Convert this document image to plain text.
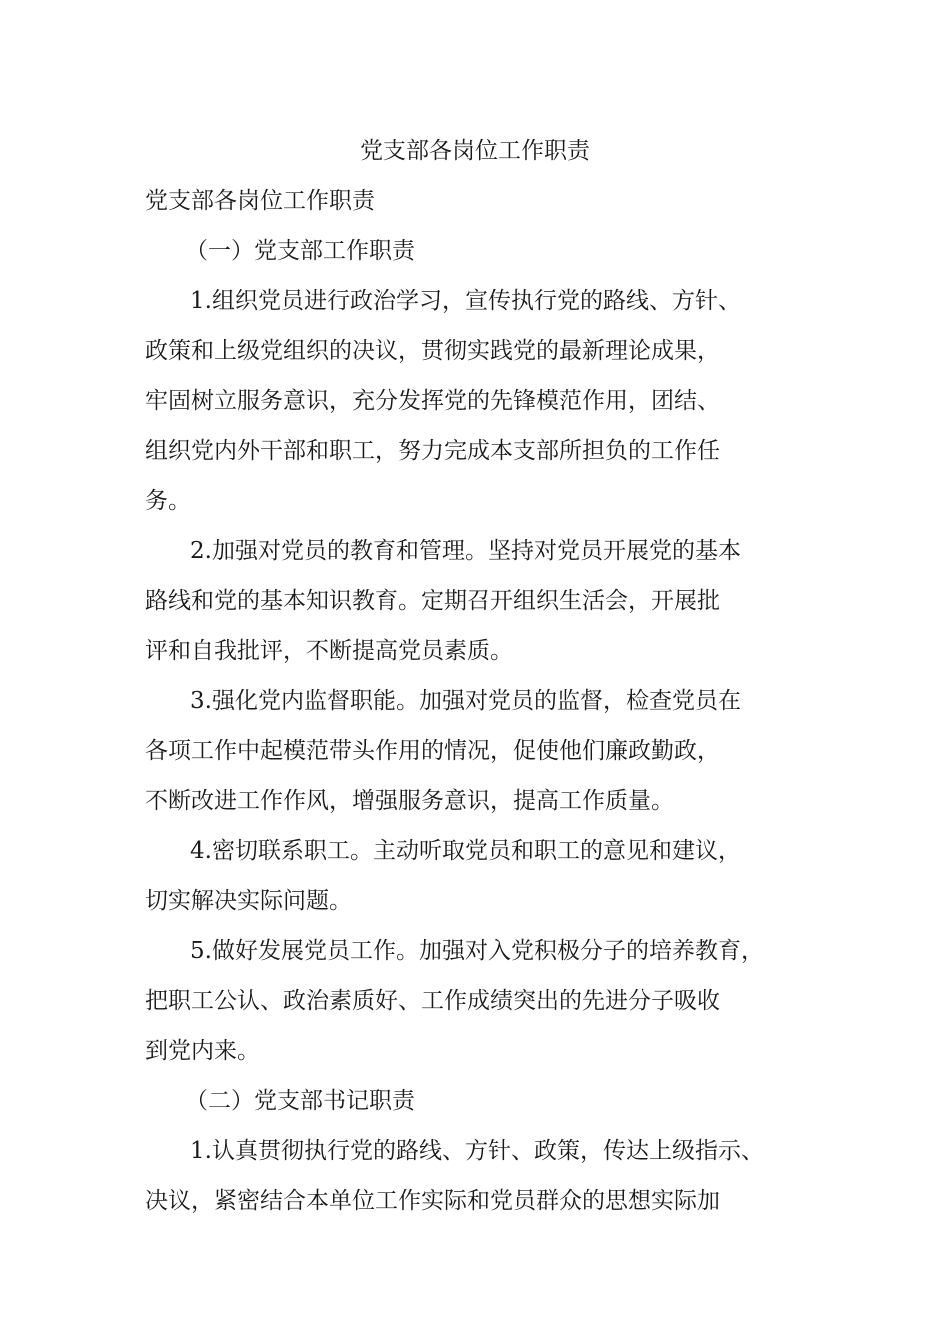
党支部各岗位工作职责

党支部各岗位工作职责

（一）党支部工作职责

1.组织党员进行政治学习，宣传执行党的路线、方针、

政策和上级党组织的决议，贯彻实践党的最新理论成果，

牢固树立服务意识，充分发挥党的先锋模范作用，团结、

组织党内外干部和职工，努力完成本支部所担负的工作任

务。

2.加强对党员的教育和管理。坚持对党员开展党的基本

路线和党的基本知识教育。定期召开组织生活会，开展批

评和自我批评，不断提高党员素质。

3.强化党内监督职能。加强对党员的监督，检查党员在

各项工作中起模范带头作用的情况，促使他们廉政勤政，

不断改进工作作风，增强服务意识，提高工作质量。

4.密切联系职工。主动听取党员和职工的意见和建议，

切实解决实际问题。

5.做好发展党员工作。加强对入党积极分子的培养教育，

把职工公认、政治素质好、工作成绩突出的先进分子吸收

到党内来。

（二）党支部书记职责

1.认真贯彻执行党的路线、方针、政策，传达上级指示、

决议，紧密结合本单位工作实际和党员群众的思想实际加
